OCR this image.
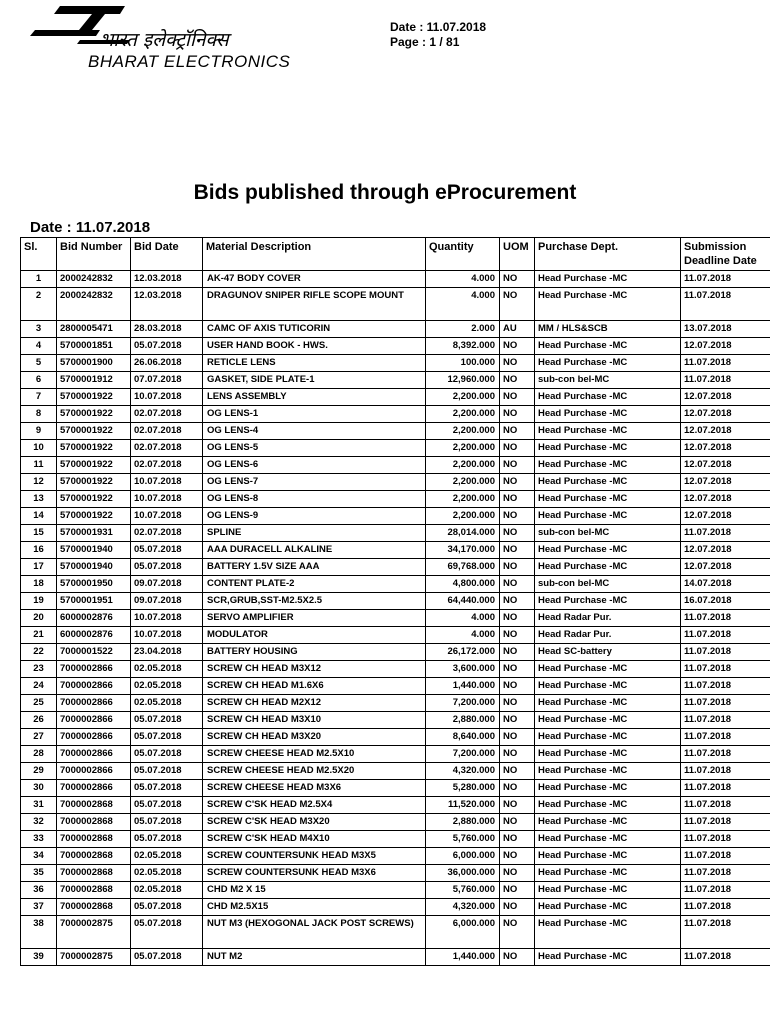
भारत इलेक्ट्रॉनिक्स
BHARAT ELECTRONICS
Date : 11.07.2018
Page : 1 / 81
Bids published through eProcurement
Date : 11.07.2018
Sl.	Bid Number	Bid Date	Material Description	Quantity	UOM	Purchase Dept.	Submission Deadline Date
1	2000242832	12.03.2018	AK-47 BODY COVER	4.000	NO	Head Purchase -MC	11.07.2018
2	2000242832	12.03.2018	DRAGUNOV SNIPER RIFLE SCOPE MOUNT	4.000	NO	Head Purchase -MC	11.07.2018
3	2800005471	28.03.2018	CAMC OF AXIS TUTICORIN	2.000	AU	MM / HLS&SCB	13.07.2018
4	5700001851	05.07.2018	USER HAND BOOK - HWS.	8,392.000	NO	Head Purchase -MC	12.07.2018
5	5700001900	26.06.2018	RETICLE LENS	100.000	NO	Head Purchase -MC	11.07.2018
6	5700001912	07.07.2018	GASKET, SIDE PLATE-1	12,960.000	NO	sub-con bel-MC	11.07.2018
7	5700001922	10.07.2018	LENS ASSEMBLY	2,200.000	NO	Head Purchase -MC	12.07.2018
8	5700001922	02.07.2018	OG LENS-1	2,200.000	NO	Head Purchase -MC	12.07.2018
9	5700001922	02.07.2018	OG LENS-4	2,200.000	NO	Head Purchase -MC	12.07.2018
10	5700001922	02.07.2018	OG LENS-5	2,200.000	NO	Head Purchase -MC	12.07.2018
11	5700001922	02.07.2018	OG LENS-6	2,200.000	NO	Head Purchase -MC	12.07.2018
12	5700001922	10.07.2018	OG LENS-7	2,200.000	NO	Head Purchase -MC	12.07.2018
13	5700001922	10.07.2018	OG LENS-8	2,200.000	NO	Head Purchase -MC	12.07.2018
14	5700001922	10.07.2018	OG LENS-9	2,200.000	NO	Head Purchase -MC	12.07.2018
15	5700001931	02.07.2018	SPLINE	28,014.000	NO	sub-con bel-MC	11.07.2018
16	5700001940	05.07.2018	AAA DURACELL ALKALINE	34,170.000	NO	Head Purchase -MC	12.07.2018
17	5700001940	05.07.2018	BATTERY 1.5V SIZE AAA	69,768.000	NO	Head Purchase -MC	12.07.2018
18	5700001950	09.07.2018	CONTENT PLATE-2	4,800.000	NO	sub-con bel-MC	14.07.2018
19	5700001951	09.07.2018	SCR,GRUB,SST-M2.5X2.5	64,440.000	NO	Head Purchase -MC	16.07.2018
20	6000002876	10.07.2018	SERVO AMPLIFIER	4.000	NO	Head Radar Pur.	11.07.2018
21	6000002876	10.07.2018	MODULATOR	4.000	NO	Head Radar Pur.	11.07.2018
22	7000001522	23.04.2018	BATTERY HOUSING	26,172.000	NO	Head SC-battery	11.07.2018
23	7000002866	02.05.2018	SCREW CH HEAD M3X12	3,600.000	NO	Head Purchase -MC	11.07.2018
24	7000002866	02.05.2018	SCREW CH HEAD M1.6X6	1,440.000	NO	Head Purchase -MC	11.07.2018
25	7000002866	02.05.2018	SCREW CH HEAD M2X12	7,200.000	NO	Head Purchase -MC	11.07.2018
26	7000002866	05.07.2018	SCREW CH HEAD M3X10	2,880.000	NO	Head Purchase -MC	11.07.2018
27	7000002866	05.07.2018	SCREW CH HEAD M3X20	8,640.000	NO	Head Purchase -MC	11.07.2018
28	7000002866	05.07.2018	SCREW CHEESE HEAD M2.5X10	7,200.000	NO	Head Purchase -MC	11.07.2018
29	7000002866	05.07.2018	SCREW CHEESE HEAD M2.5X20	4,320.000	NO	Head Purchase -MC	11.07.2018
30	7000002866	05.07.2018	SCREW CHEESE HEAD M3X6	5,280.000	NO	Head Purchase -MC	11.07.2018
31	7000002868	05.07.2018	SCREW C'SK HEAD M2.5X4	11,520.000	NO	Head Purchase -MC	11.07.2018
32	7000002868	05.07.2018	SCREW C'SK HEAD M3X20	2,880.000	NO	Head Purchase -MC	11.07.2018
33	7000002868	05.07.2018	SCREW C'SK HEAD M4X10	5,760.000	NO	Head Purchase -MC	11.07.2018
34	7000002868	02.05.2018	SCREW COUNTERSUNK HEAD M3X5	6,000.000	NO	Head Purchase -MC	11.07.2018
35	7000002868	02.05.2018	SCREW COUNTERSUNK HEAD M3X6	36,000.000	NO	Head Purchase -MC	11.07.2018
36	7000002868	02.05.2018	CHD M2 X 15	5,760.000	NO	Head Purchase -MC	11.07.2018
37	7000002868	05.07.2018	CHD M2.5X15	4,320.000	NO	Head Purchase -MC	11.07.2018
38	7000002875	05.07.2018	NUT M3 (HEXOGONAL JACK POST SCREWS)	6,000.000	NO	Head Purchase -MC	11.07.2018
39	7000002875	05.07.2018	NUT M2	1,440.000	NO	Head Purchase -MC	11.07.2018
